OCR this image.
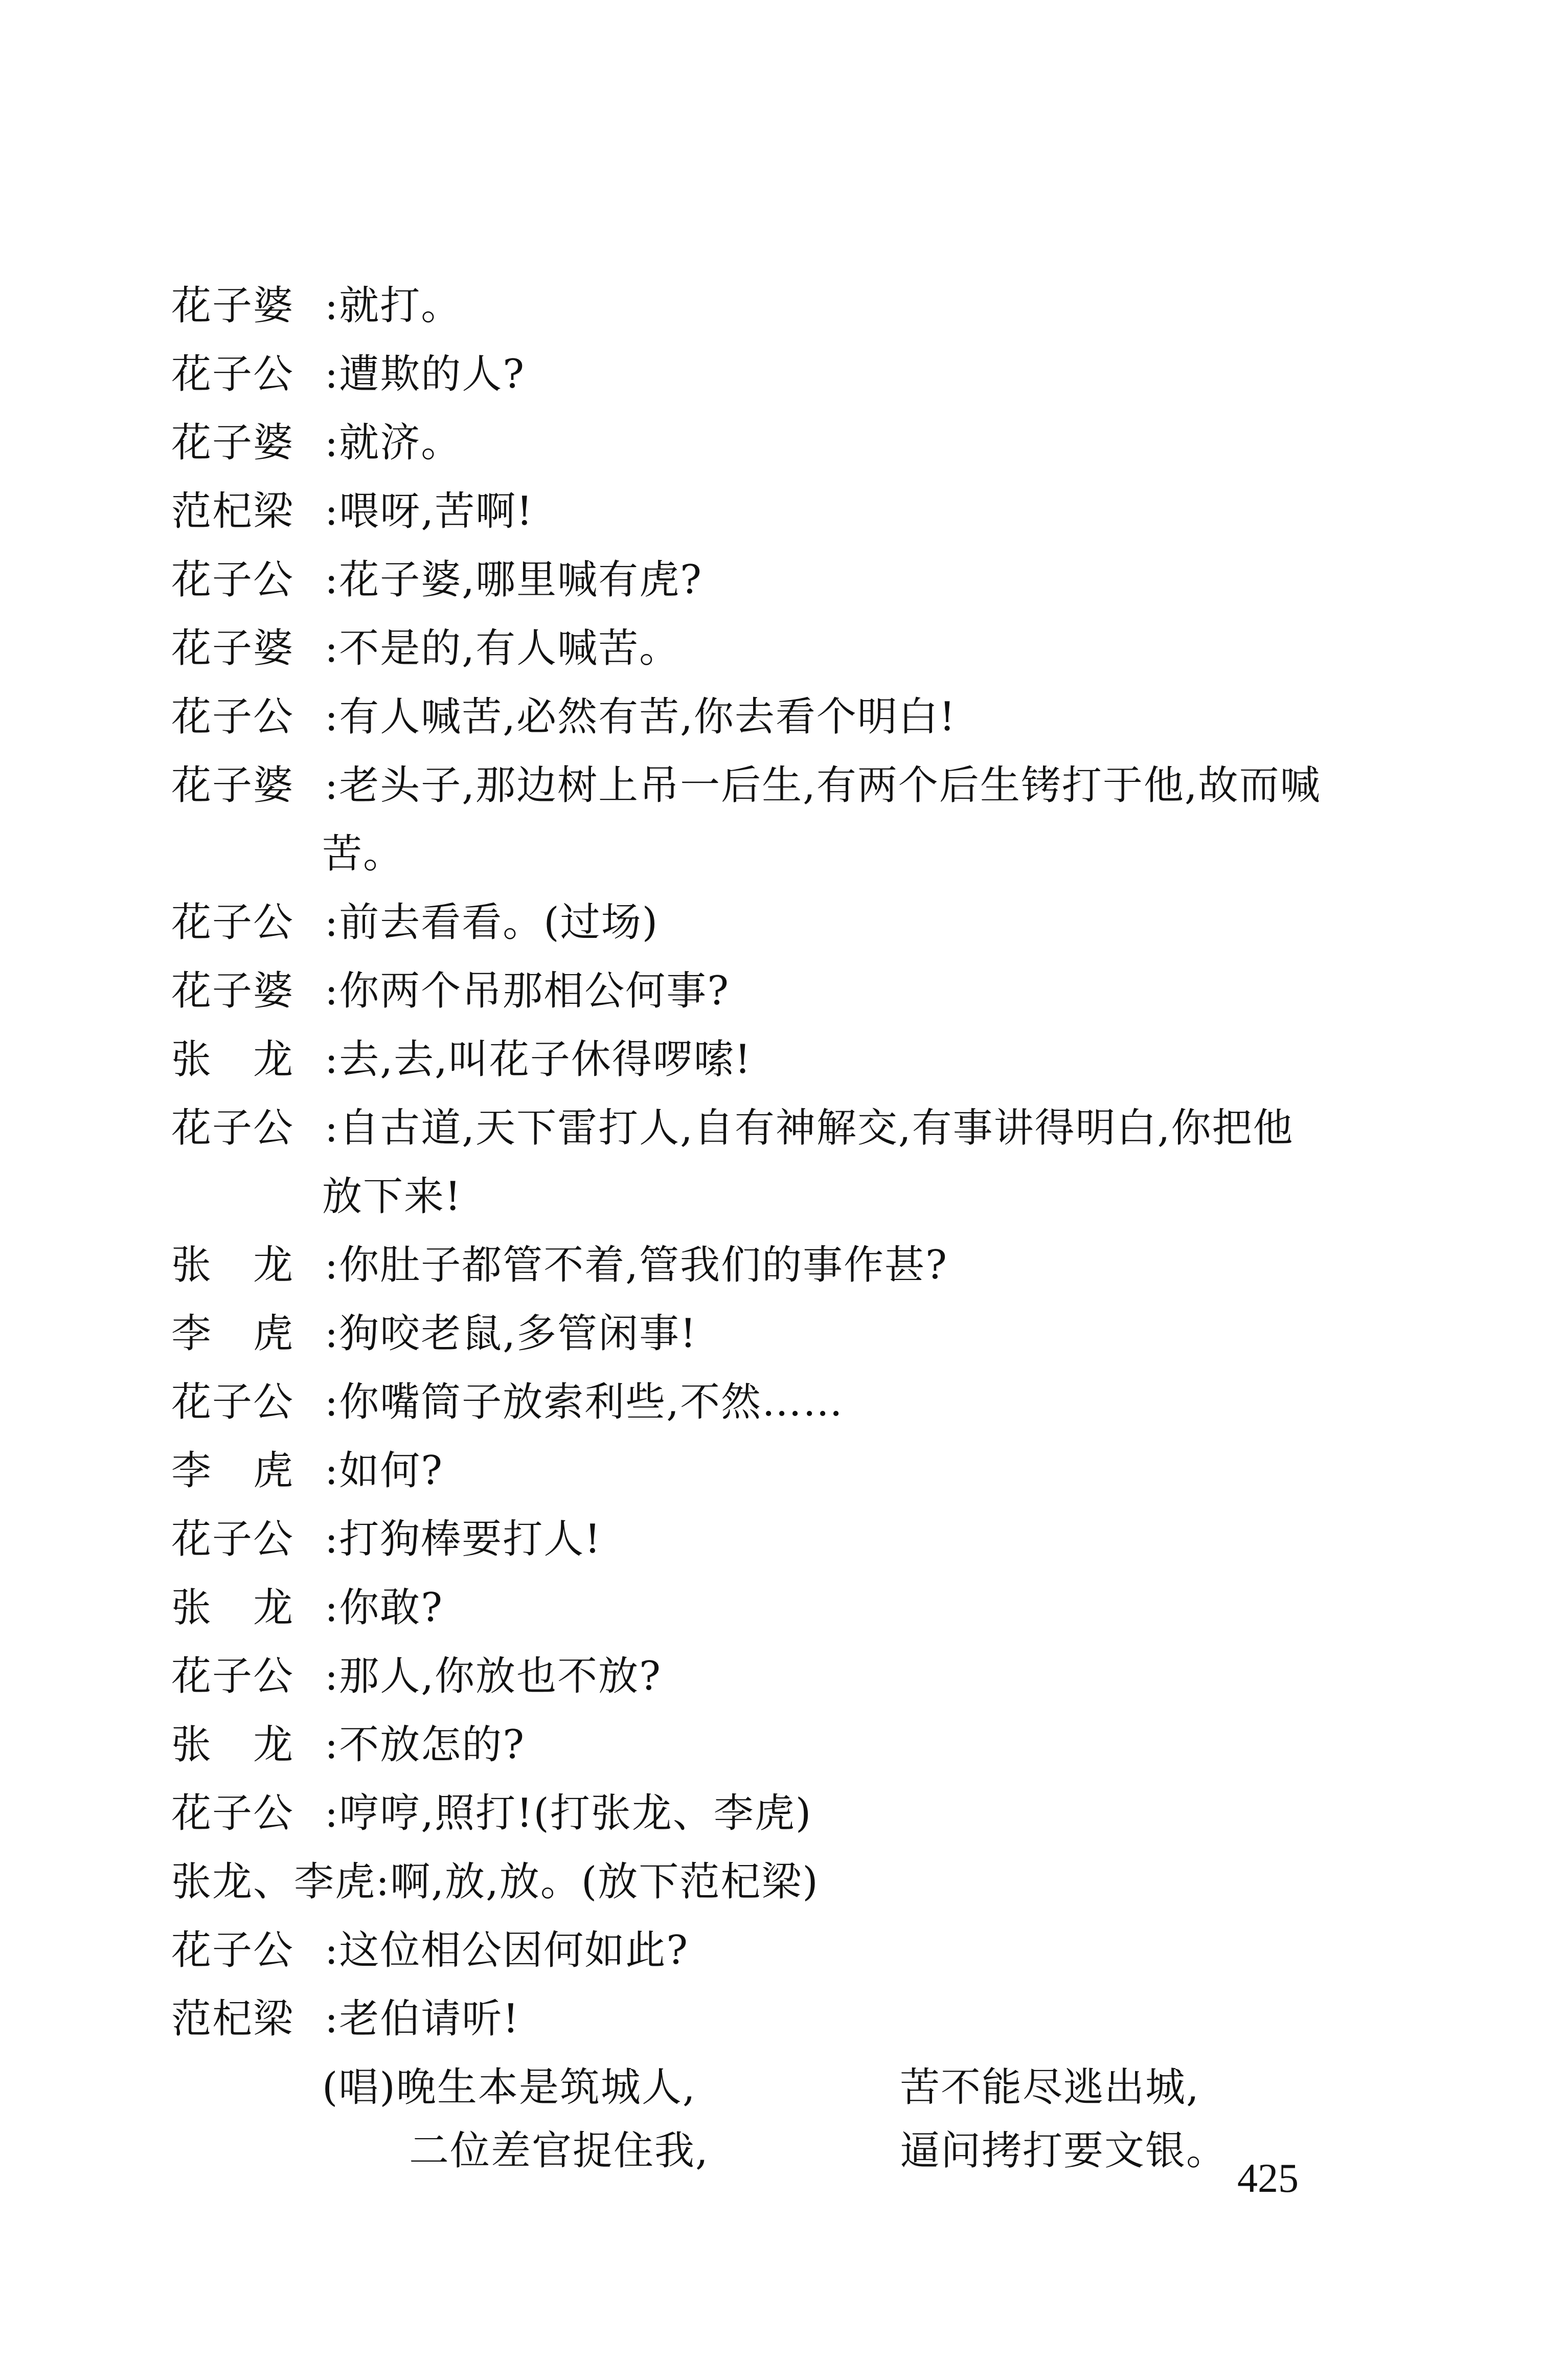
花子婆 :就打。
花子公 :遭欺的人?
花子婆 :就济。
范杞梁 :喂呀,苦啊!
花子公 :花子婆,哪里喊有虎?
花子婆 :不是的,有人喊苦。
花子公 :有人喊苦,必然有苦,你去看个明白!
花子婆 :老头子,那边树上吊一后生,有两个后生铐打于他,故而喊
苦。
花子公 :前去看看。(过场)
花子婆 :你两个吊那相公何事?
张　龙 :去,去,叫花子休得啰嗦!
花子公 :自古道,天下雷打人,自有神解交,有事讲得明白,你把他
放下来!
张　龙 :你肚子都管不着,管我们的事作甚?
李　虎 :狗咬老鼠,多管闲事!
花子公 :你嘴筒子放索利些,不然……
李　虎 :如何?
花子公 :打狗棒要打人!
张　龙 :你敢?
花子公 :那人,你放也不放?
张　龙 :不放怎的?
花子公 :哼哼,照打!(打张龙、李虎)
张龙、李虎:啊,放,放。(放下范杞梁)
花子公 :这位相公因何如此?
范杞梁 :老伯请听!
(唱)晚生本是筑城人,	苦不能尽逃出城,
二位差官捉住我,	逼问拷打要文银。
425
